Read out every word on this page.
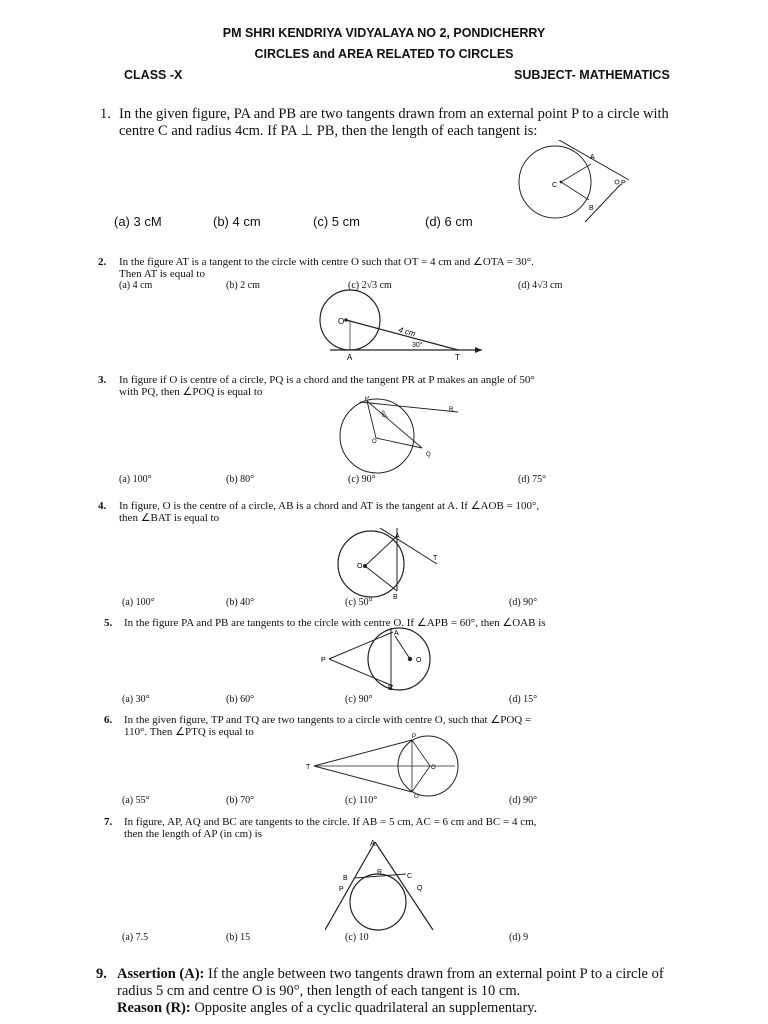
PM SHRI KENDRIYA VIDYALAYA NO 2, PONDICHERRY
CIRCLES and AREA RELATED TO CIRCLES
CLASS -X	SUBJECT- MATHEMATICS
1. In the given figure, PA and PB are two tangents drawn from an external point P to a circle with
centre C and radius 4cm. If PA ⊥ PB, then the length of each tangent is:
(a) 3 cM	(b) 4 cm	(c) 5 cm	(d) 6 cm
A
C	P
B
2. In the figure AT is a tangent to the circle with centre O such that OT = 4 cm and ∠OTA = 30°.
Then AT is equal to
(a) 4 cm	(b) 2 cm	(c) 2√3 cm	(d) 4√3 cm
O
4 cm
30°
A	T
3. In figure if O is centre of a circle, PQ is a chord and the tangent PR at P makes an angle of 50°
with PQ, then ∠POQ is equal to
P
R
50°
O
Q
(a) 100°	(b) 80°	(c) 90°	(d) 75°
4. In figure, O is the centre of a circle, AB is a chord and AT is the tangent at A. If ∠AOB = 100°,
then ∠BAT is equal to
A
O
T
B
(a) 100°	(b) 40°	(c) 50°	(d) 90°
5. In the figure PA and PB are tangents to the circle with centre O. If ∠APB = 60°, then ∠OAB is
A
P	O
B
(a) 30°	(b) 60°	(c) 90°	(d) 15°
6. In the given figure, TP and TQ are two tangents to a circle with centre O, such that ∠POQ =
110°. Then ∠PTQ is equal to	P
T	O
Q
(a) 55°	(b) 70°	(c) 110°	(d) 90°
7. In figure, AP, AQ and BC are tangents to the circle. If AB = 5 cm, AC = 6 cm and BC = 4 cm,
then the length of AP (in cm) is
A
B
R
C
P	Q
(a) 7.5	(b) 15	(c) 10	(d) 9
9. Assertion (A): If the angle between two tangents drawn from an external point P to a circle of
radius 5 cm and centre O is 90°, then length of each tangent is 10 cm.
Reason (R): Opposite angles of a cyclic quadrilateral an supplementary.
